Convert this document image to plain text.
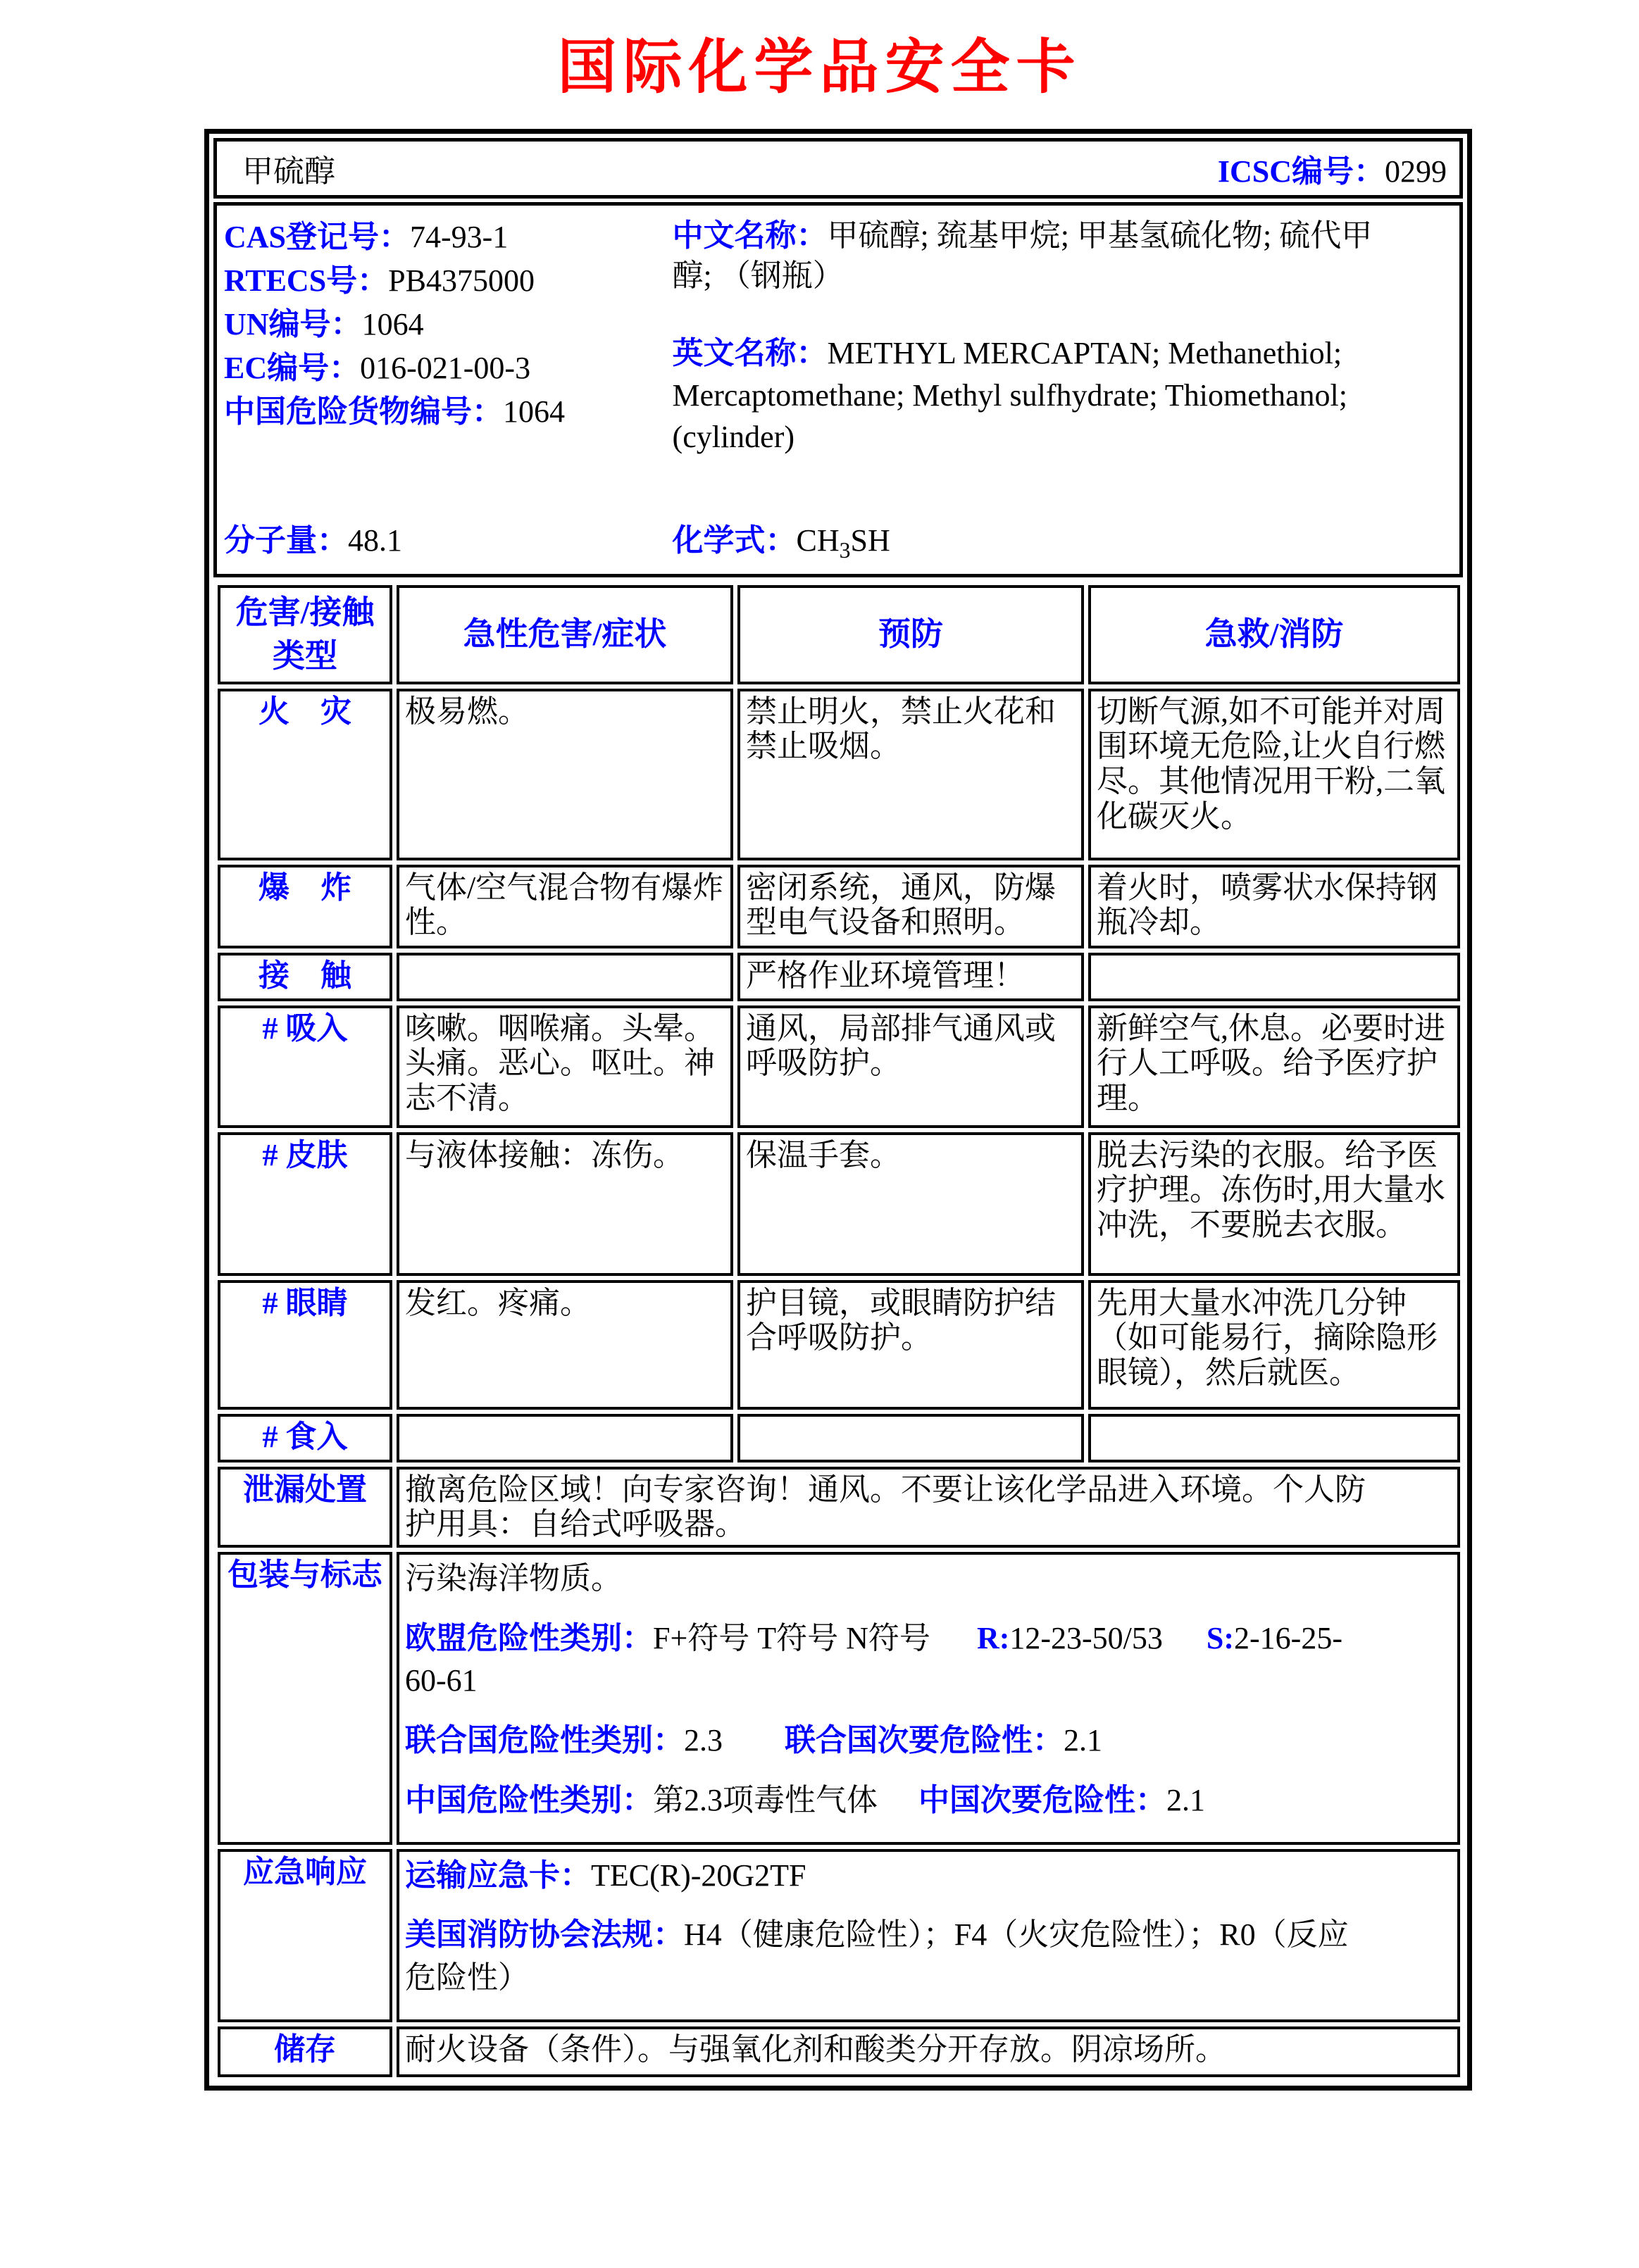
国际化学品安全卡
甲硫醇	ICSC编号：0299
CAS登记号：74-93-1
RTECS号：PB4375000
UN编号：1064
EC编号：016-021-00-3
中国危险货物编号：1064

中文名称：甲硫醇; 巯基甲烷; 甲基氢硫化物; 硫代甲醇; （钢瓶）

英文名称：METHYL MERCAPTAN; Methanethiol; Mercaptomethane; Methyl sulfhydrate; Thiomethanol; (cylinder)

分子量：48.1	化学式：$CH_3SH$
危害/接触类型	急性危害/症状	预防	急救/消防
火　灾	极易燃。	禁止明火，禁止火花和禁止吸烟。	切断气源,如不可能并对周围环境无危险,让火自行燃尽。其他情况用干粉,二氧化碳灭火。
爆　炸	气体/空气混合物有爆炸性。	密闭系统，通风，防爆型电气设备和照明。	着火时，喷雾状水保持钢瓶冷却。
接　触		严格作业环境管理！	
# 吸入	咳嗽。咽喉痛。头晕。头痛。恶心。呕吐。神志不清。	通风，局部排气通风或呼吸防护。	新鲜空气,休息。必要时进行人工呼吸。给予医疗护理。
# 皮肤	与液体接触：冻伤。	保温手套。	脱去污染的衣服。给予医疗护理。冻伤时,用大量水冲洗，不要脱去衣服。
# 眼睛	发红。疼痛。	护目镜，或眼睛防护结合呼吸防护。	先用大量水冲洗几分钟（如可能易行，摘除隐形眼镜），然后就医。
# 食入			
泄漏处置	撤离危险区域！向专家咨询！通风。不要让该化学品进入环境。个人防护用具：自给式呼吸器。		

包装与标志	污染海洋物质。
欧盟危险性类别：F+符号 T符号 N符号 R:12-23-50/53 S:2-16-25-60-61
联合国危险性类别：2.3 联合国次要危险性：2.1
中国危险性类别：第2.3项毒性气体 中国次要危险性：2.1		

应急响应	运输应急卡：TEC(R)-20G2TF
美国消防协会法规：H4（健康危险性）；F4（火灾危险性）；R0（反应危险性）		

储存	耐火设备（条件）。与强氧化剂和酸类分开存放。阴凉场所。		
